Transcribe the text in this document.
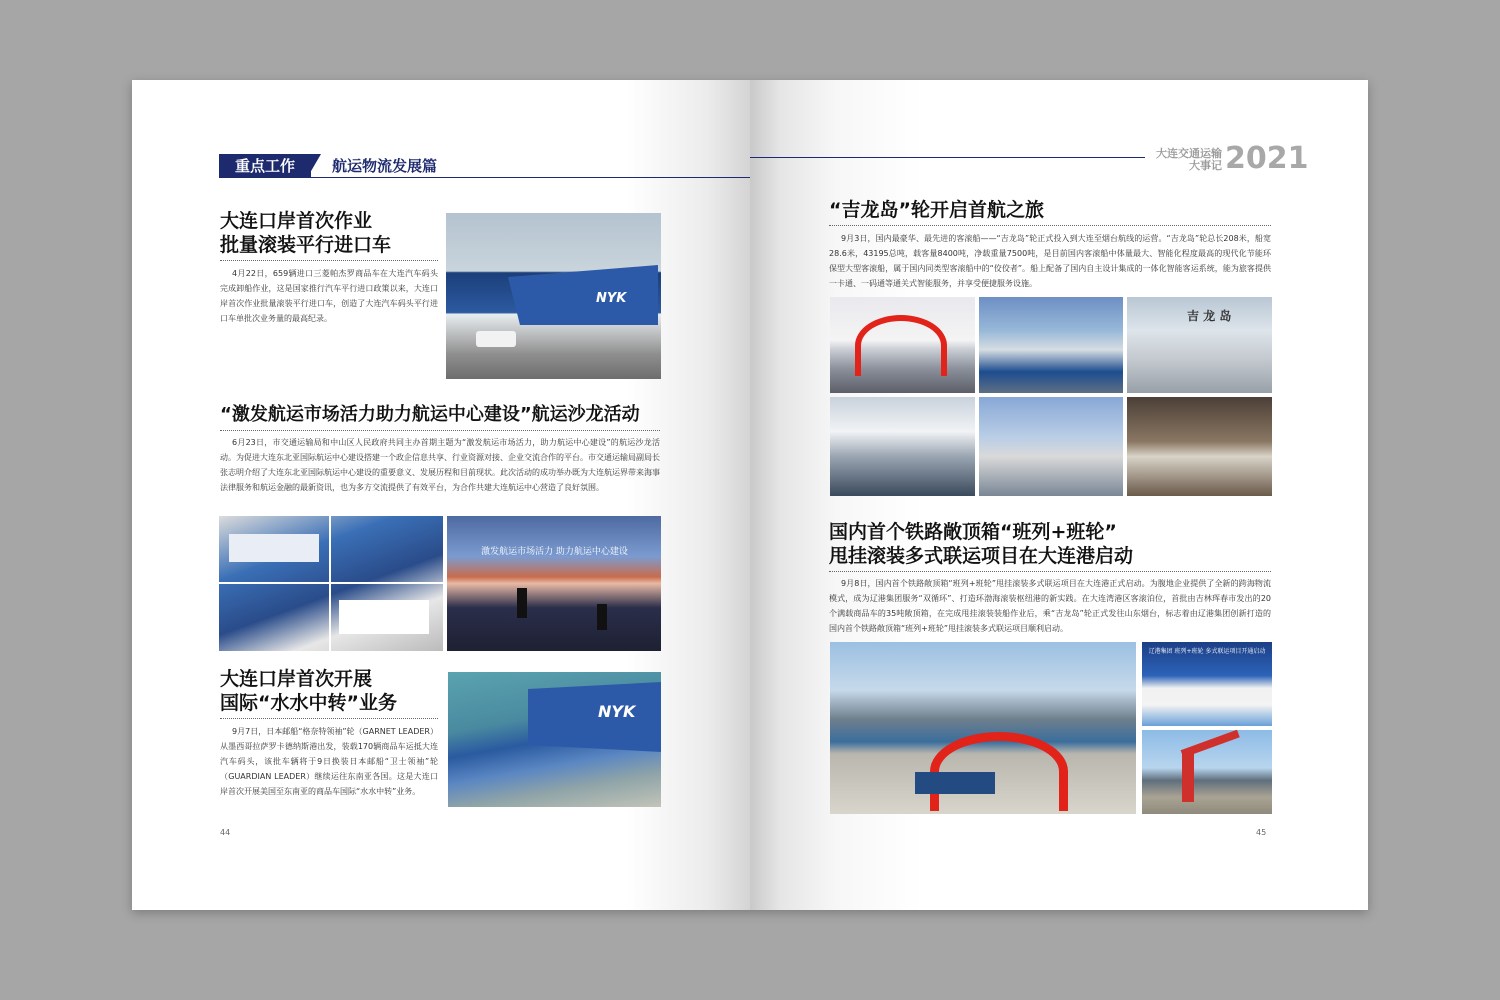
重点工作	航运物流发展篇
大连口岸首次作业
批量滚装平行进口车
4月22日，659辆进口三菱帕杰罗商品车在大连汽车码头完成卸船作业，这是国家推行汽车平行进口政策以来，大连口岸首次作业批量滚装平行进口车，创造了大连汽车码头平行进口车单批次业务量的最高纪录。
NYK
“激发航运市场活力助力航运中心建设”航运沙龙活动
6月23日，市交通运输局和中山区人民政府共同主办首期主题为“激发航运市场活力，助力航运中心建设”的航运沙龙活动。为促进大连东北亚国际航运中心建设搭建一个政企信息共享、行业资源对接、企业交流合作的平台。市交通运输局副局长张志明介绍了大连东北亚国际航运中心建设的重要意义、发展历程和目前现状。此次活动的成功举办既为大连航运界带来海事法律服务和航运金融的最新资讯，也为多方交流提供了有效平台，为合作共建大连航运中心营造了良好氛围。
激发航运市场活力 助力航运中心建设
大连口岸首次开展
国际“水水中转”业务
9月7日，日本邮船“格奈特领袖”轮（GARNET LEADER）从墨西哥拉萨罗卡德纳斯港出发，装载170辆商品车运抵大连汽车码头，该批车辆将于9日换装日本邮船“卫士领袖”轮（GUARDIAN LEADER）继续运往东南亚各国。这是大连口岸首次开展美国至东南亚的商品车国际“水水中转”业务。
NYK
44
大连交通运输
大事记 2021
“吉龙岛”轮开启首航之旅
9月3日，国内最豪华、最先进的客滚船——“吉龙岛”轮正式投入到大连至烟台航线的运营。“吉龙岛”轮总长208米，船宽28.6米，43195总吨，载客量8400吨，净载重量7500吨，是目前国内客滚船中体量最大、智能化程度最高的现代化节能环保型大型客滚船，属于国内同类型客滚船中的“佼佼者”。船上配备了国内自主设计集成的一体化智能客运系统，能为旅客提供一卡通、一码通等通关式智能服务，并享受便捷服务设施。
吉 龙 岛
国内首个铁路敞顶箱“班列+班轮”
甩挂滚装多式联运项目在大连港启动
9月8日，国内首个铁路敞顶箱“班列+班轮”甩挂滚装多式联运项目在大连港正式启动。为腹地企业提供了全新的跨海物流模式，成为辽港集团服务“双循环”、打造环渤海滚装枢纽港的新实践。在大连湾港区客滚泊位，首批由吉林珲春市发出的20个满载商品车的35吨敞顶箱，在完成甩挂滚装装船作业后，乘“吉龙岛”轮正式发往山东烟台，标志着由辽港集团创新打造的国内首个铁路敞顶箱“班列+班轮”甩挂滚装多式联运项目顺利启动。
辽港集团 班列+班轮 多式联运项目开通启动
45
